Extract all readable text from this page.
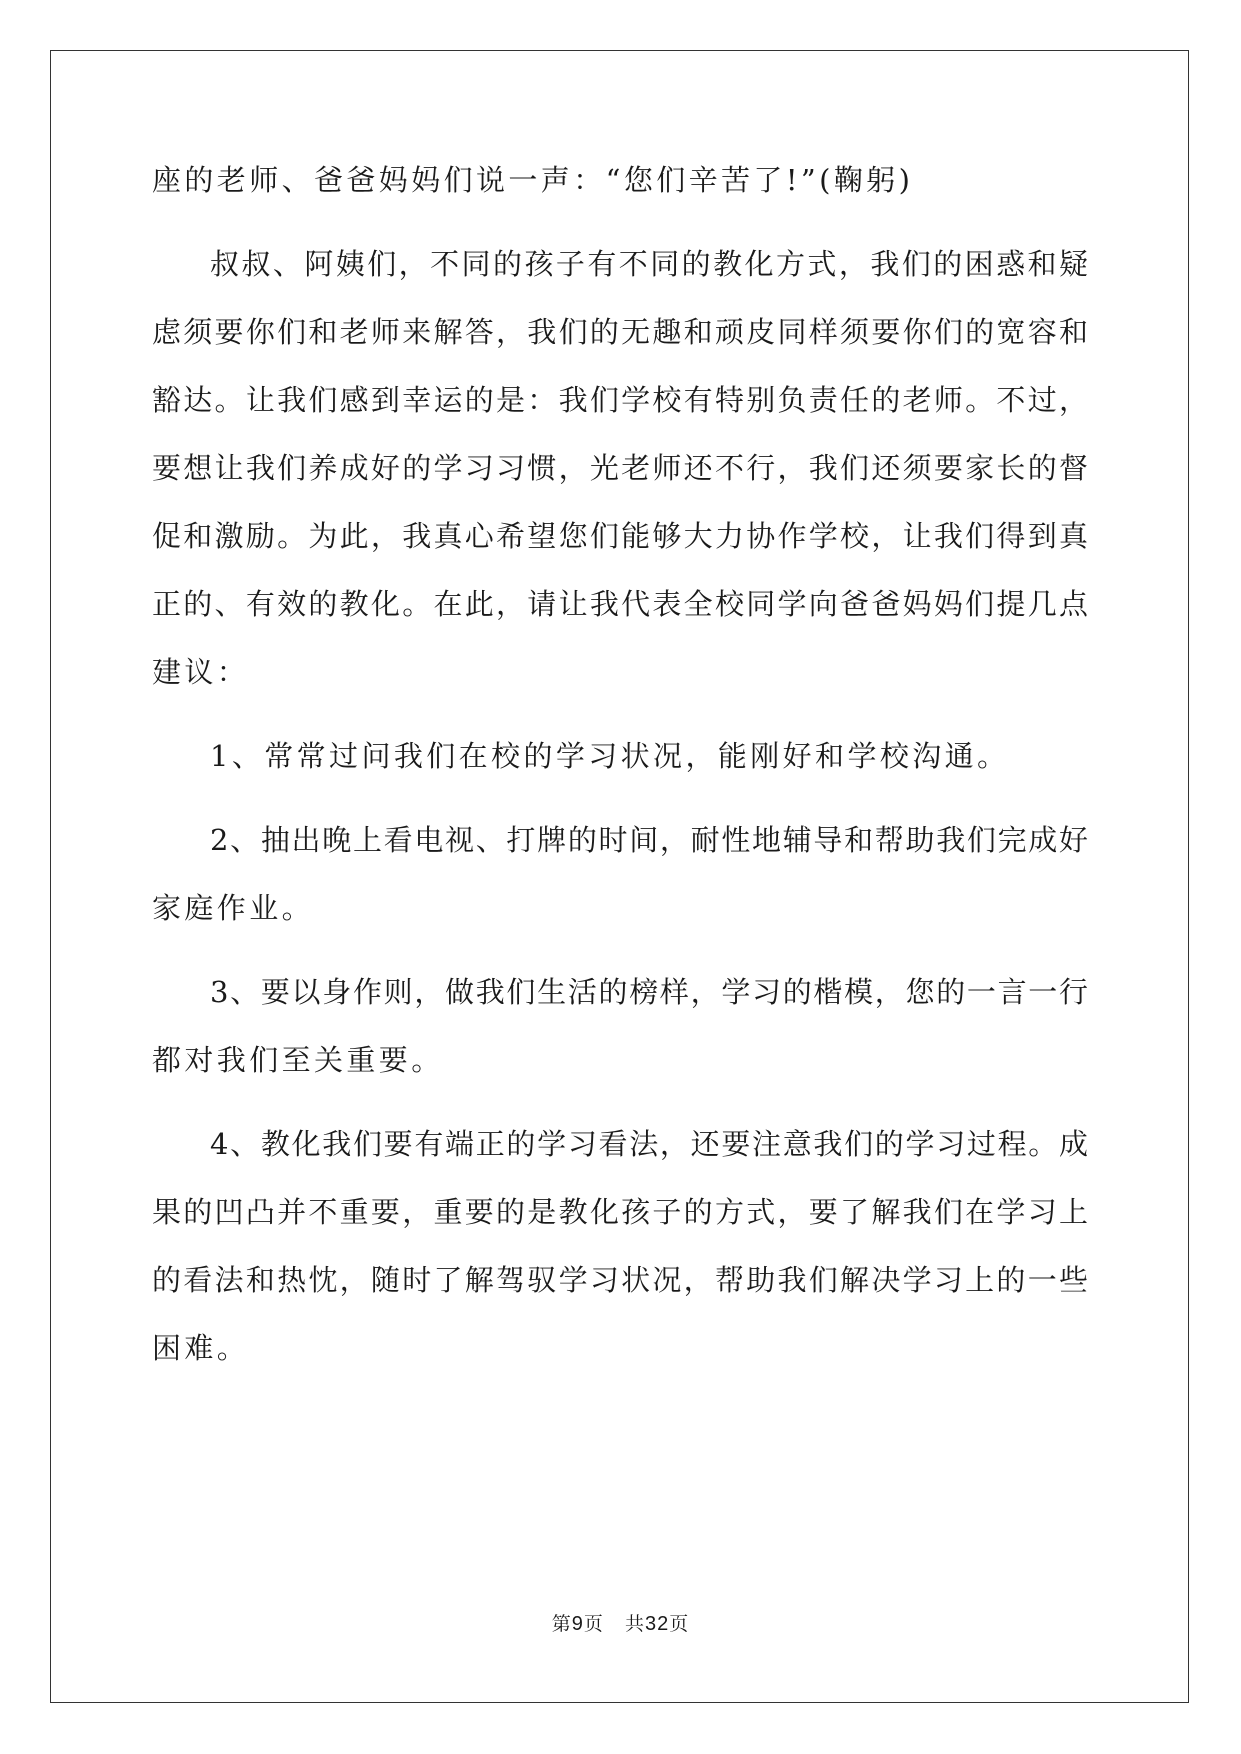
座的老师、爸爸妈妈们说一声：“您们辛苦了!”(鞠躬)
叔叔、阿姨们，不同的孩子有不同的教化方式，我们的困惑和疑
虑须要你们和老师来解答，我们的无趣和顽皮同样须要你们的宽容和
豁达。让我们感到幸运的是：我们学校有特别负责任的老师。不过，
要想让我们养成好的学习习惯，光老师还不行，我们还须要家长的督
促和激励。为此，我真心希望您们能够大力协作学校，让我们得到真
正的、有效的教化。在此，请让我代表全校同学向爸爸妈妈们提几点
建议：
1、常常过问我们在校的学习状况，能刚好和学校沟通。
2、抽出晚上看电视、打牌的时间，耐性地辅导和帮助我们完成好
家庭作业。
3、要以身作则，做我们生活的榜样，学习的楷模，您的一言一行
都对我们至关重要。
4、教化我们要有端正的学习看法，还要注意我们的学习过程。成
果的凹凸并不重要，重要的是教化孩子的方式，要了解我们在学习上
的看法和热忱，随时了解驾驭学习状况，帮助我们解决学习上的一些
困难。
第9页 共32页
